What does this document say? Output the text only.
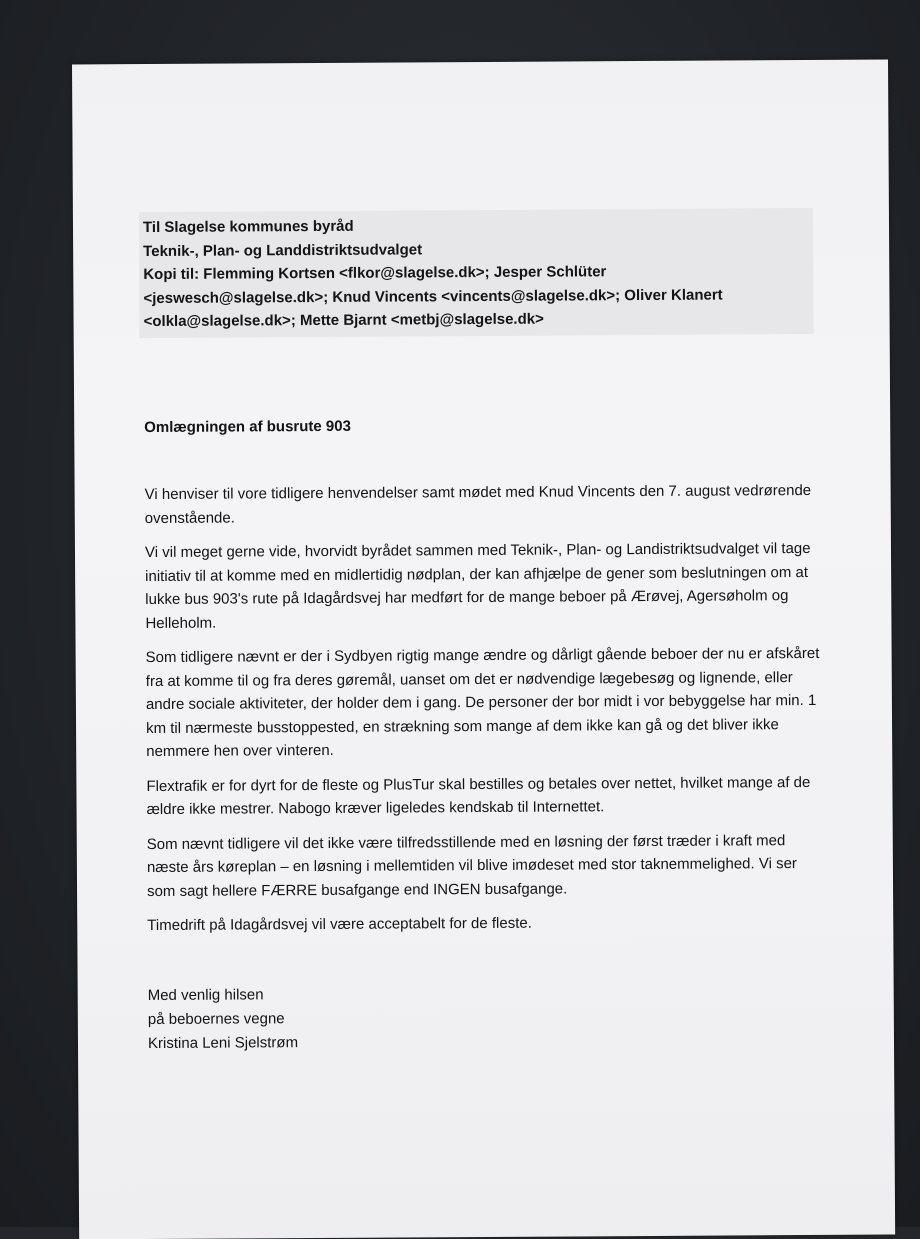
Til Slagelse kommunes byråd
Teknik-, Plan- og Landdistriktsudvalget
Kopi til: Flemming Kortsen <flkor@slagelse.dk>; Jesper Schlüter
<jeswesch@slagelse.dk>; Knud Vincents <vincents@slagelse.dk>; Oliver Klanert
<olkla@slagelse.dk>; Mette Bjarnt <metbj@slagelse.dk>
Omlægningen af busrute 903

Vi henviser til vore tidligere henvendelser samt mødet med Knud Vincents den 7. august vedrørende ovenstående.

Vi vil meget gerne vide, hvorvidt byrådet sammen med Teknik-, Plan- og Landistriktsudvalget vil tage initiativ til at komme med en midlertidig nødplan, der kan afhjælpe de gener som beslutningen om at lukke bus 903's rute på Idagårdsvej har medført for de mange beboer på Ærøvej, Agersøholm og Helleholm.

Som tidligere nævnt er der i Sydbyen rigtig mange ændre og dårligt gående beboer der nu er afskåret fra at komme til og fra deres gøremål, uanset om det er nødvendige lægebesøg og lignende, eller andre sociale aktiviteter, der holder dem i gang. De personer der bor midt i vor bebyggelse har min. 1 km til nærmeste busstoppested, en strækning som mange af dem ikke kan gå og det bliver ikke nemmere hen over vinteren.

Flextrafik er for dyrt for de fleste og PlusTur skal bestilles og betales over nettet, hvilket mange af de ældre ikke mestrer. Nabogo kræver ligeledes kendskab til Internettet.

Som nævnt tidligere vil det ikke være tilfredsstillende med en løsning der først træder i kraft med næste års køreplan – en løsning i mellemtiden vil blive imødeset med stor taknemmelighed. Vi ser som sagt hellere FÆRRE busafgange end INGEN busafgange.

Timedrift på Idagårdsvej vil være acceptabelt for de fleste.

Med venlig hilsen
på beboernes vegne
Kristina Leni Sjelstrøm
